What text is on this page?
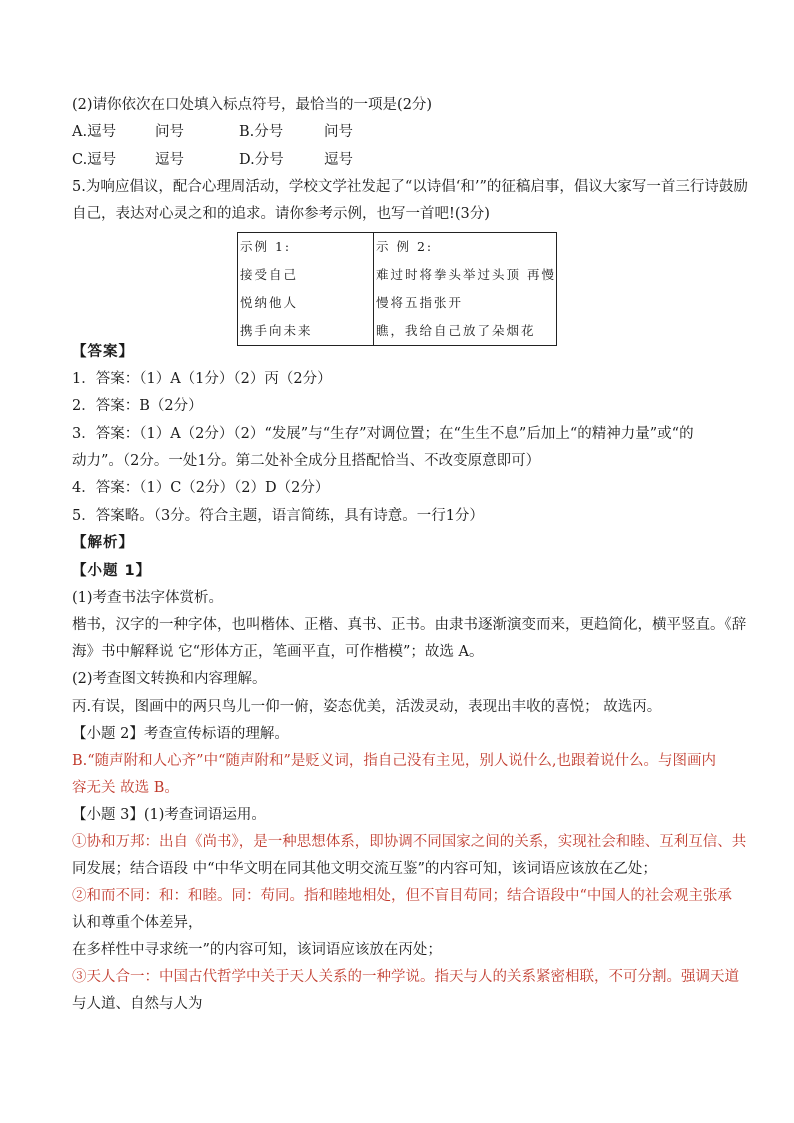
(2)请你依次在口处填入标点符号，最恰当的一项是(2分)
A.逗号	问号	B.分号	问号
C.逗号	逗号	D.分号	逗号
5.为响应倡议，配合心理周活动，学校文学社发起了“以诗倡‘和’”的征稿启事，倡议大家写一首三行诗鼓励
自己，表达对心灵之和的追求。请你参考示例，也写一首吧!(3分)
示例 1:
接受自己
悦纳他人
携手向未来

示 例 2:
难过时将拳头举过头顶 再慢
慢将五指张开
瞧，我给自己放了朵烟花
【答案】
1．答案：（1）A（1分）（2）丙（2分）
2．答案：B（2分）
3．答案：（1）A（2分）（2）“发展”与“生存”对调位置；在“生生不息”后加上“的精神力量”或“的
动力”。（2分。一处1分。第二处补全成分且搭配恰当、不改变原意即可）
4．答案：（1）C（2分）（2）D（2分）
5．答案略。（3分。符合主题，语言简练，具有诗意。一行1分）
【解析】
【小题 1】
(1)考查书法字体赏析。
楷书，汉字的一种字体，也叫楷体、正楷、真书、正书。由隶书逐渐演变而来，更趋简化，横平竖直。《辞
海》书中解释说 它“形体方正，笔画平直，可作楷模”；故选 A。
(2)考查图文转换和内容理解。
丙.有误，图画中的两只鸟儿一仰一俯，姿态优美，活泼灵动，表现出丰收的喜悦； 故选丙。
【小题 2】考查宣传标语的理解。
B.“随声附和人心齐”中“随声附和”是贬义词，指自己没有主见，别人说什么,也跟着说什么。与图画内
容无关 故选 B。
【小题 3】(1)考查词语运用。
①协和万邦：出自《尚书》，是一种思想体系，即协调不同国家之间的关系，实现社会和睦、互利互信、共
同发展；结合语段 中“中华文明在同其他文明交流互鉴”的内容可知，该词语应该放在乙处；
②和而不同：和：和睦。同：苟同。指和睦地相处，但不盲目苟同；结合语段中“中国人的社会观主张承
认和尊重个体差异，
在多样性中寻求统一”的内容可知，该词语应该放在丙处；
③天人合一：中国古代哲学中关于天人关系的一种学说。指天与人的关系紧密相联，不可分割。强调天道
与人道、自然与人为
